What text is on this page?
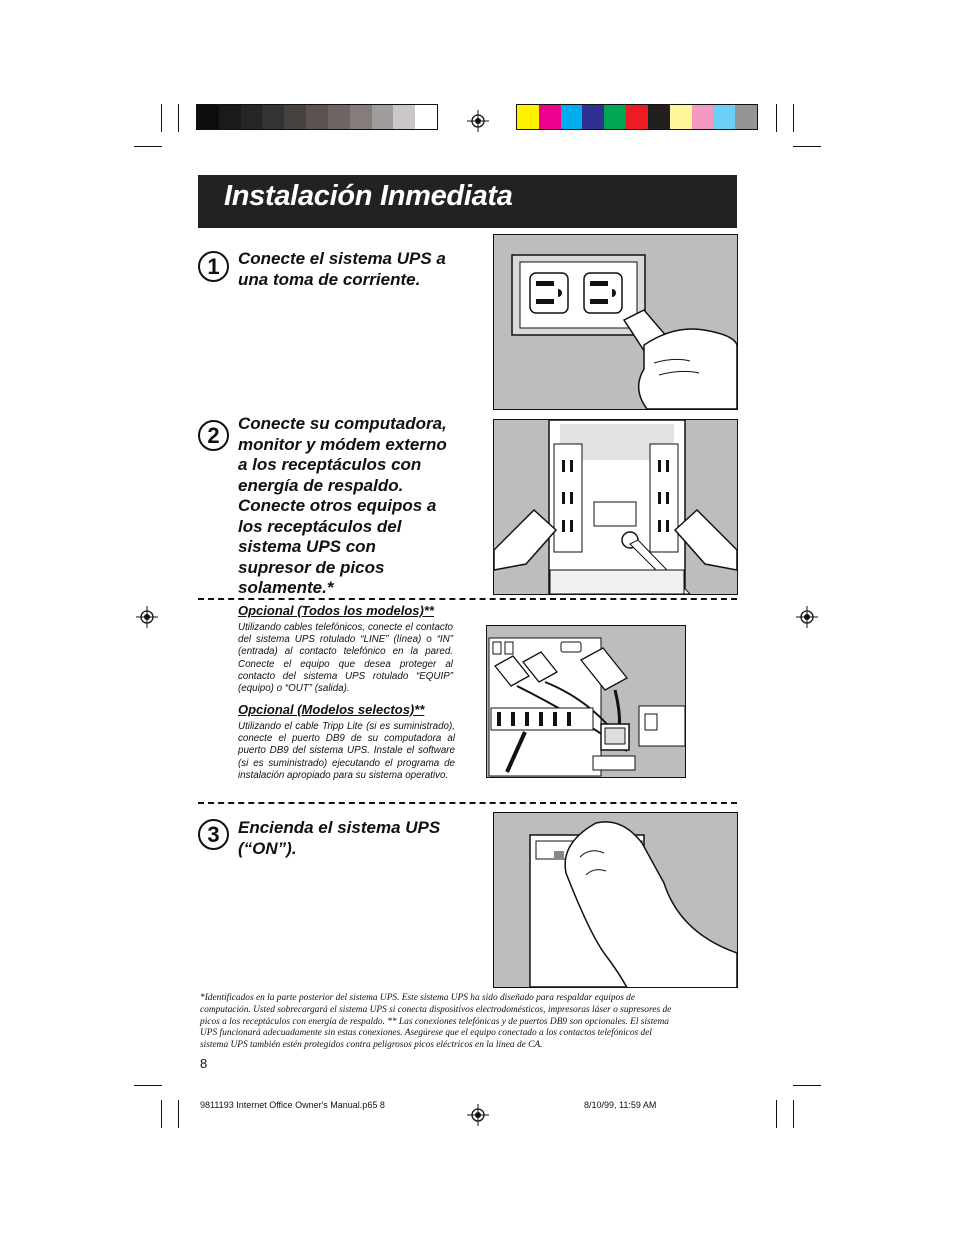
Instalación Inmediata
1	Conecte el sistema UPS a
una toma de corriente.
2	Conecte su computadora,
monitor y módem externo
a los receptáculos con
energía de respaldo.
Conecte otros equipos a
los receptáculos del
sistema UPS con
supresor de picos
solamente.*
Opcional (Todos los modelos)**
Utilizando cables telefónicos, conecte el contacto del sistema UPS rotulado “LINE” (línea) o “IN” (entrada) al contacto telefónico en la pared. Conecte el equipo que desea proteger al contacto del sistema UPS rotulado “EQUIP” (equipo) o “OUT” (salida).
Opcional (Modelos selectos)**
Utilizando el cable Tripp Lite (si es suministrado), conecte el puerto DB9 de su computadora al puerto DB9 del sistema UPS. Instale el software (si es suministrado) ejecutando el programa de instalación apropiado para su sistema operativo.
3	Encienda el sistema UPS
(“ON”).
*Identificados en la parte posterior del sistema UPS. Este sistema UPS ha sido diseñado para respaldar equipos de
computación. Usted sobrecargará el sistema UPS si conecta dispositivos electrodomésticos, impresoras láser o supresores de
picos a los receptáculos con energía de respaldo. ** Las conexiones telefónicas y de puertos DB9 son opcionales. El sistema
UPS funcionará adecuadamente sin estas conexiones. Asegúrese que el equipo conectado a los contactos telefónicos del
sistema UPS también estén protegidos contra peligrosos picos eléctricos en la línea de CA.
8
9811193 Internet Office Owner's Manual.p65 8	8/10/99, 11:59 AM
